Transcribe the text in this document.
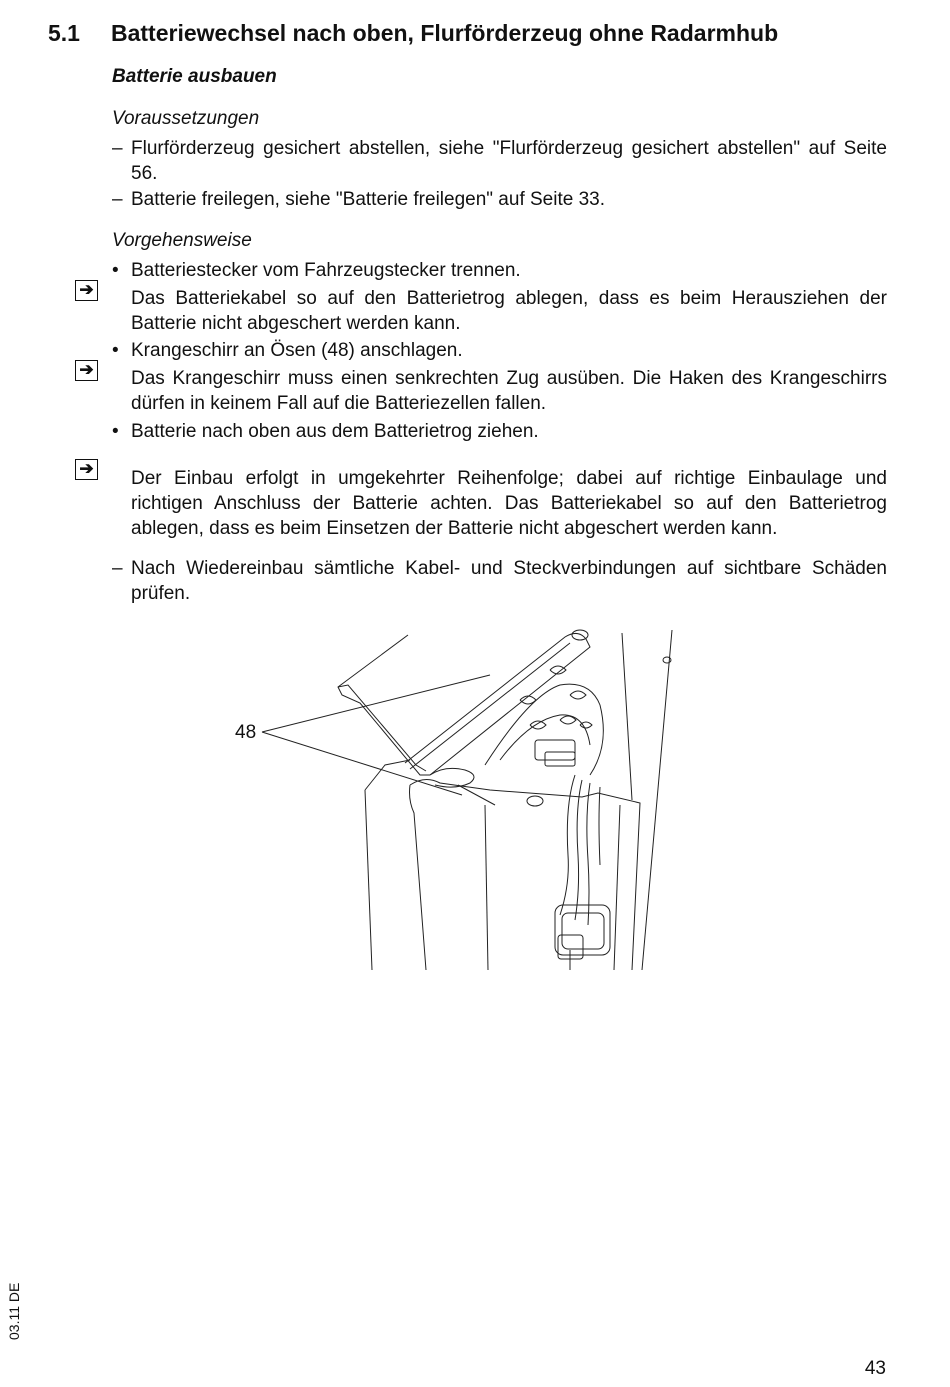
5.1 Batteriewechsel nach oben, Flurförderzeug ohne Radarmhub
Batterie ausbauen
Voraussetzungen
– Flurförderzeug gesichert abstellen, siehe "Flurförderzeug gesichert abstellen" auf Seite 56.
– Batterie freilegen, siehe "Batterie freilegen" auf Seite 33.
Vorgehensweise
• Batteriestecker vom Fahrzeugstecker trennen.
➔ Das Batteriekabel so auf den Batterietrog ablegen, dass es beim Herausziehen der Batterie nicht abgeschert werden kann.
• Krangeschirr an Ösen (48) anschlagen.
➔ Das Krangeschirr muss einen senkrechten Zug ausüben. Die Haken des Krangeschirrs dürfen in keinem Fall auf die Batteriezellen fallen.
• Batterie nach oben aus dem Batterietrog ziehen.
➔ Der Einbau erfolgt in umgekehrter Reihenfolge; dabei auf richtige Einbaulage und richtigen Anschluss der Batterie achten. Das Batteriekabel so auf den Batterietrog ablegen, dass es beim Einsetzen der Batterie nicht abgeschert werden kann.
– Nach Wiedereinbau sämtliche Kabel- und Steckverbindungen auf sichtbare Schäden prüfen.
48
03.11 DE
43
